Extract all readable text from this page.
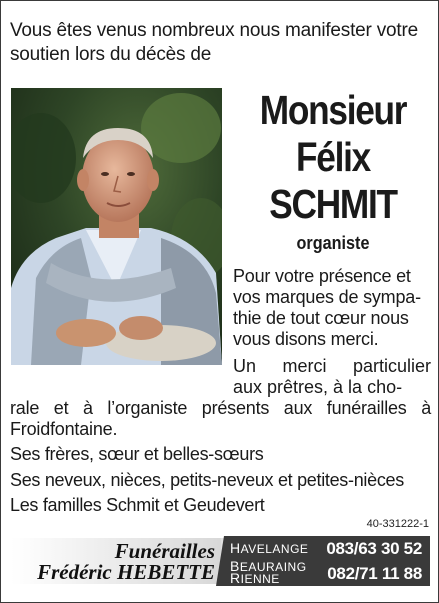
Vous êtes venus nombreux nous manifester votre
soutien lors du décès de
Monsieur
Félix
SCHMIT
organiste
Pour votre présence et
vos marques de sympa-
thie de tout cœur nous
vous disons merci.
Un merci particulier
aux prêtres, à la cho-
rale et à l’organiste présents aux funérailles à
Froidfontaine.
Ses frères, sœur et belles-sœurs
Ses neveux, nièces, petits-neveux et petites-nièces
Les familles Schmit et Geudevert
40-331222-1
Funérailles
Frédéric HEBETTE
HAVELANGE
BEAURAING
RIENNE
083/63 30 52
082/71 11 88
